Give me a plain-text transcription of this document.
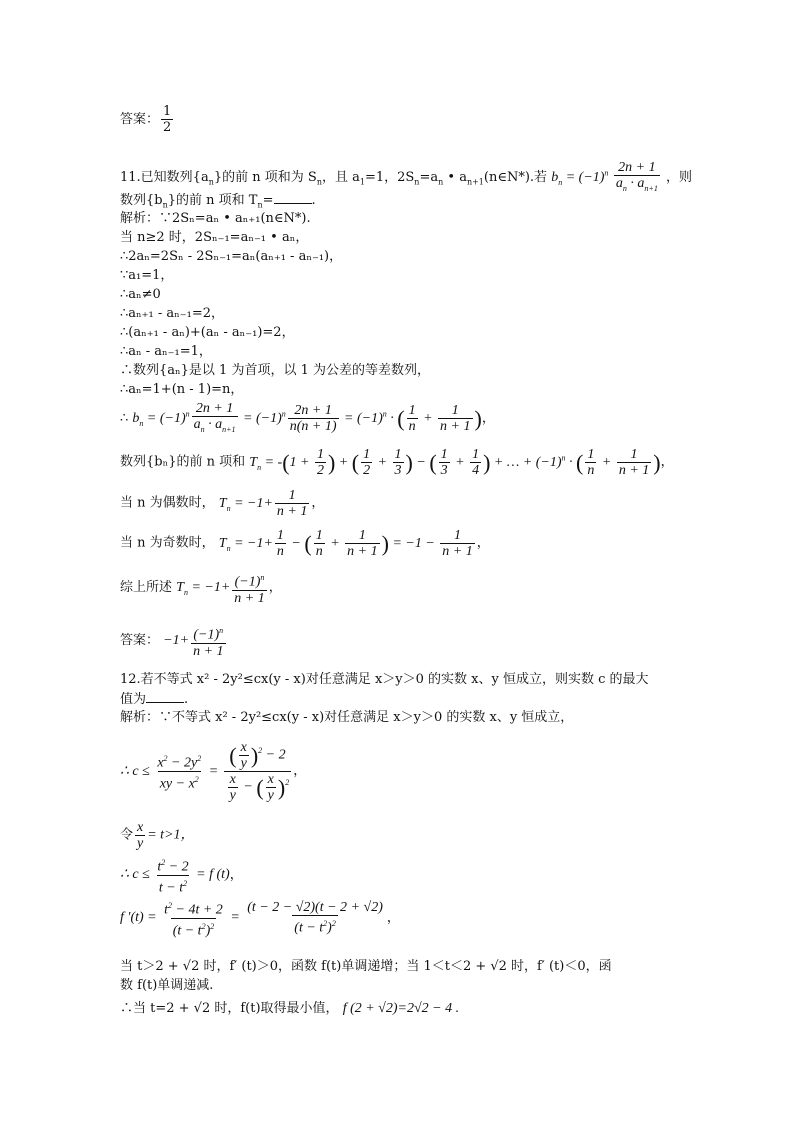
答案： $\frac{1}{2}$
11.已知数列$\{a_n\}$的前 n 项和为 $S_n$，且 $a_1=1$，$2S_n=a_n$ • $a_{n+1}(n\in N*)$.若 $b_n = (-1)^n \frac{2n + 1}{a_n \cdot a_{n+1}}$ ，则
数列$\{b_n\}$的前 n 项和 $T_n=$	.
解析：∵2Sₙ=aₙ • aₙ₊₁(n∈N*).
当 n≥2 时，2Sₙ₋₁=aₙ₋₁ • aₙ，
∴2aₙ=2Sₙ - 2Sₙ₋₁=aₙ(aₙ₊₁ - aₙ₋₁)，
∵a₁=1，
∴aₙ≠0
∴aₙ₊₁ - aₙ₋₁=2，
∴(aₙ₊₁ - aₙ)+(aₙ - aₙ₋₁)=2，
∴aₙ - aₙ₋₁=1，
∴数列{aₙ}是以 1 为首项，以 1 为公差的等差数列，
∴aₙ=1+(n - 1)=n，
∴ $b_n = (-1)^n \frac{2n + 1}{a_n \cdot a_{n+1}} = (-1)^n \frac{2n + 1}{n(n + 1)} = (-1)^n$ · ( $\frac{1}{n} + \frac{1}{n + 1}$ )，
数列{bₙ}的前 n 项和 $T_n = -(1 + \frac{1}{2}$ ) + ( $\frac{1}{2} + \frac{1}{3}$ ) − ( $\frac{1}{3} + \frac{1}{4}$ ) + … + $(-1)^n$ · ( $\frac{1}{n} + \frac{1}{n + 1}$ )，
当 n 为偶数时， $T_n = -1+ \frac{1}{n + 1}$ ，
当 n 为奇数时， $T_n = -1+ \frac{1}{n}$ − ( $\frac{1}{n} + \frac{1}{n + 1}$ ) = $-1 - \frac{1}{n + 1}$ ，
综上所述 $T_n = -1+ \frac{(-1)^n}{n + 1}$ ，
答案： $-1+ \frac{(-1)^n}{n + 1}$
12.若不等式 x² - 2y²≤cx(y - x)对任意满足 x＞y＞0 的实数 x、y 恒成立，则实数 c 的最大
值为	.
解析：∵不等式 x² - 2y²≤cx(y - x)对任意满足 x＞y＞0 的实数 x、y 恒成立，
∴ $c \le \frac{x^2 - 2y^2}{xy - x^2} = \frac{( \frac{x}{y} )^2 - 2}{\frac{x}{y} - ( \frac{x}{y} )^2}$ ，
令 $\frac{x}{y} = t>1$，
∴ $c \le \frac{t^2 - 2}{t - t^2} = f$ (t)，
f $'(t) = \frac{t^2 - 4t + 2}{(t - t^2)^2} = \frac{(t - 2 - √2)(t - 2 + √2)}{(t - t^2)^2}$ ，
当 t＞2 + √2 时，f′ (t)＞0，函数 f(t)单调递增；当 1＜t＜2 + √2 时，f′ (t)＜0，函
数 f(t)单调递减.
∴当 t=2 + √2 时，f(t)取得最小值， f (2 + √2)=2√2 − 4 .
